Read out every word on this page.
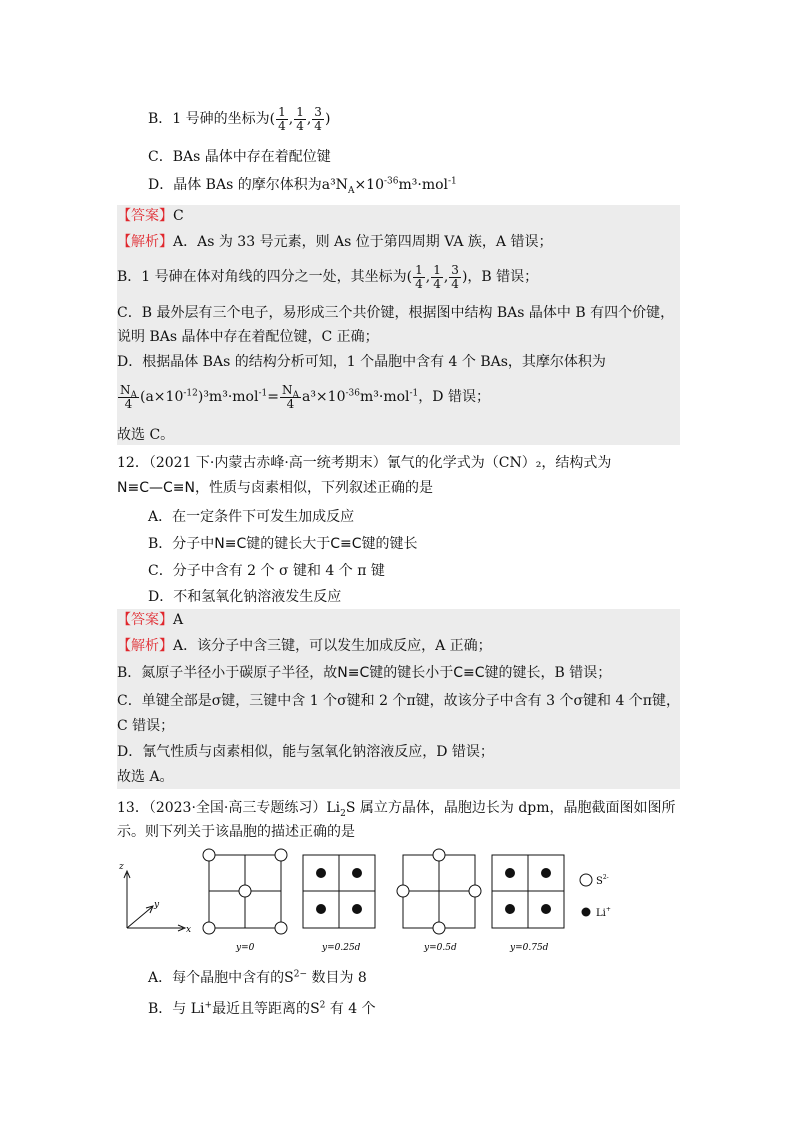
B．1 号砷的坐标为( $\frac{1}{4}$ , $\frac{1}{4}$ , $\frac{3}{4}$ )
C．BAs 晶体中存在着配位键
D．晶体 BAs 的摩尔体积为$a^3N_A\times 10^{-36}m^3\cdot mol^{-1}$
【答案】C
【解析】A．As 为 33 号元素，则 As 位于第四周期 VA 族，A 错误；
B．1 号砷在体对角线的四分之一处，其坐标为( $\frac{1}{4}$ , $\frac{1}{4}$ , $\frac{3}{4}$ )，B 错误；
C．B 最外层有三个电子，易形成三个共价键，根据图中结构 BAs 晶体中 B 有四个价键，
说明 BAs 晶体中存在着配位键，C 正确；
D．根据晶体 BAs 的结构分析可知，1 个晶胞中含有 4 个 BAs，其摩尔体积为
$\frac{N_A}{4} (a\times 10^{-12})^3m^3\cdot mol^{-1}= \frac{N_A}{4} a^3\times 10^{-36}m^3\cdot mol^{-1}$，D 错误；
故选 C。
12．（2021 下·内蒙古赤峰·高一统考期末）氰气的化学式为（CN）₂，结构式为
N≡C—C≡N，性质与卤素相似，下列叙述正确的是
A．在一定条件下可发生加成反应
B．分子中N≡C键的键长大于C≡C键的键长
C．分子中含有 2 个 σ 键和 4 个 π 键
D．不和氢氧化钠溶液发生反应
【答案】A
【解析】A．该分子中含三键，可以发生加成反应，A 正确；
B．氮原子半径小于碳原子半径，故N≡C键的键长小于C≡C键的键长，B 错误；
C．单键全部是σ键，三键中含 1 个σ键和 2 个π键，故该分子中含有 3 个σ键和 4 个π键，
C 错误；
D．氰气性质与卤素相似，能与氢氧化钠溶液反应，D 错误；
故选 A。
13．（2023·全国·高三专题练习）$Li_2S$ 属立方晶体，晶胞边长为 dpm，晶胞截面图如图所
示。则下列关于该晶胞的描述正确的是
z
y
x
y=0	y=0.25d	y=0.5d	y=0.75d
$S^{2-}$
Li+
A．每个晶胞中含有的$S^{2-}$ 数目为 8
B．与 Li+最近且等距离的$S^2$ 有 4 个
